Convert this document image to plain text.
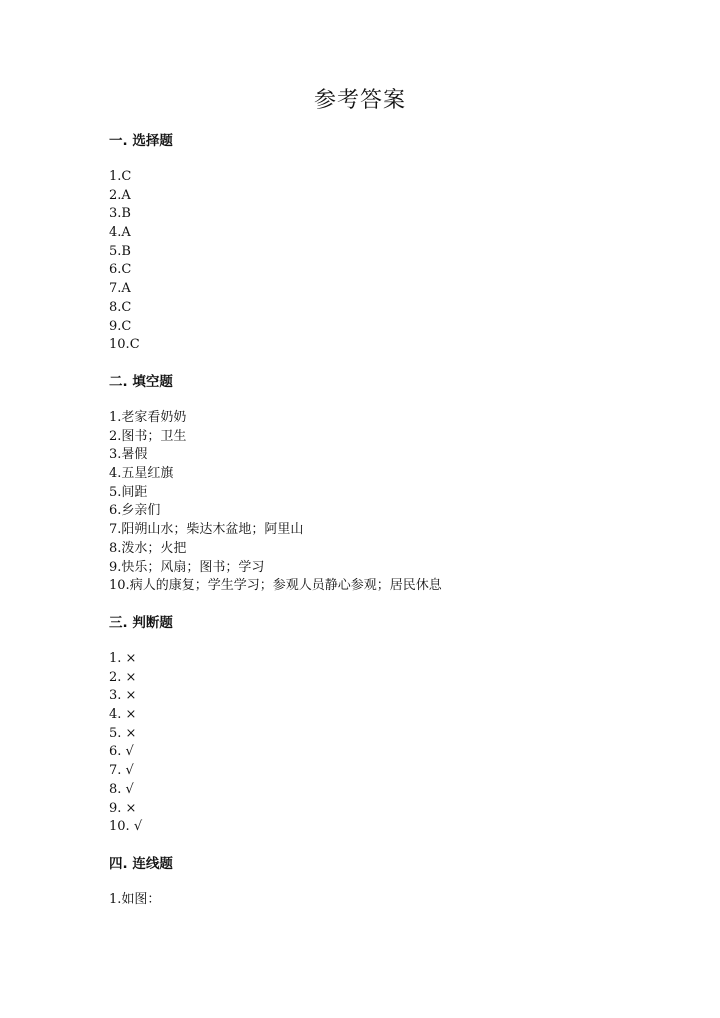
参考答案
一. 选择题
1.C
2.A
3.B
4.A
5.B
6.C
7.A
8.C
9.C
10.C
二. 填空题
1.老家看奶奶
2.图书；卫生
3.暑假
4.五星红旗
5.间距
6.乡亲们
7.阳朔山水；柴达木盆地；阿里山
8.泼水；火把
9.快乐；风扇；图书；学习
10.病人的康复；学生学习；参观人员静心参观；居民休息
三. 判断题
1. ×
2. ×
3. ×
4. ×
5. ×
6. √
7. √
8. √
9. ×
10. √
四. 连线题
1.如图：
